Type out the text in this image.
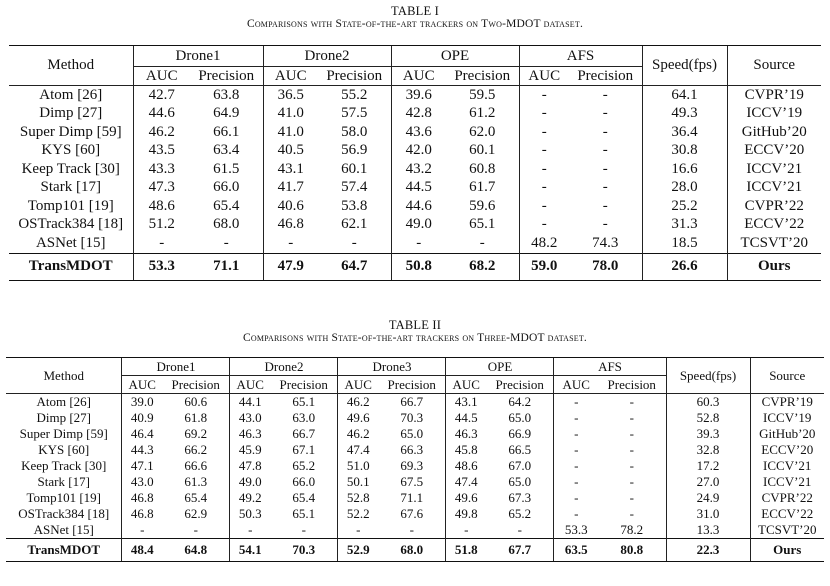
TABLE I
Comparisons with State-of-the-art trackers on Two-MDOT dataset.
Method	Drone1		Drone2		OPE		AFS		Speed(fps)	Source
	AUC	Precision	AUC	Precision	AUC	Precision	AUC	Precision		
Atom [26]	42.7	63.8	36.5	55.2	39.6	59.5	-	-	64.1	CVPR’19
Dimp [27]	44.6	64.9	41.0	57.5	42.8	61.2	-	-	49.3	ICCV’19
Super Dimp [59]	46.2	66.1	41.0	58.0	43.6	62.0	-	-	36.4	GitHub’20
KYS [60]	43.5	63.4	40.5	56.9	42.0	60.1	-	-	30.8	ECCV’20
Keep Track [30]	43.3	61.5	43.1	60.1	43.2	60.8	-	-	16.6	ICCV’21
Stark [17]	47.3	66.0	41.7	57.4	44.5	61.7	-	-	28.0	ICCV’21
Tomp101 [19]	48.6	65.4	40.6	53.8	44.6	59.6	-	-	25.2	CVPR’22
OSTrack384 [18]	51.2	68.0	46.8	62.1	49.0	65.1	-	-	31.3	ECCV’22
ASNet [15]	-	-	-	-	-	-	48.2	74.3	18.5	TCSVT’20
TransMDOT	53.3	71.1	47.9	64.7	50.8	68.2	59.0	78.0	26.6	Ours
TABLE II
Comparisons with State-of-the-art trackers on Three-MDOT dataset.
Method	Drone1		Drone2		Drone3		OPE		AFS		Speed(fps)	Source
	AUC	Precision	AUC	Precision	AUC	Precision	AUC	Precision	AUC	Precision		
Atom [26]	39.0	60.6	44.1	65.1	46.2	66.7	43.1	64.2	-	-	60.3	CVPR’19
Dimp [27]	40.9	61.8	43.0	63.0	49.6	70.3	44.5	65.0	-	-	52.8	ICCV’19
Super Dimp [59]	46.4	69.2	46.3	66.7	46.2	65.0	46.3	66.9	-	-	39.3	GitHub’20
KYS [60]	44.3	66.2	45.9	67.1	47.4	66.3	45.8	66.5	-	-	32.8	ECCV’20
Keep Track [30]	47.1	66.6	47.8	65.2	51.0	69.3	48.6	67.0	-	-	17.2	ICCV’21
Stark [17]	43.0	61.3	49.0	66.0	50.1	67.5	47.4	65.0	-	-	27.0	ICCV’21
Tomp101 [19]	46.8	65.4	49.2	65.4	52.8	71.1	49.6	67.3	-	-	24.9	CVPR’22
OSTrack384 [18]	46.8	62.9	50.3	65.1	52.2	67.6	49.8	65.2	-	-	31.0	ECCV’22
ASNet [15]	-	-	-	-	-	-	-	-	53.3	78.2	13.3	TCSVT’20
TransMDOT	48.4	64.8	54.1	70.3	52.9	68.0	51.8	67.7	63.5	80.8	22.3	Ours
